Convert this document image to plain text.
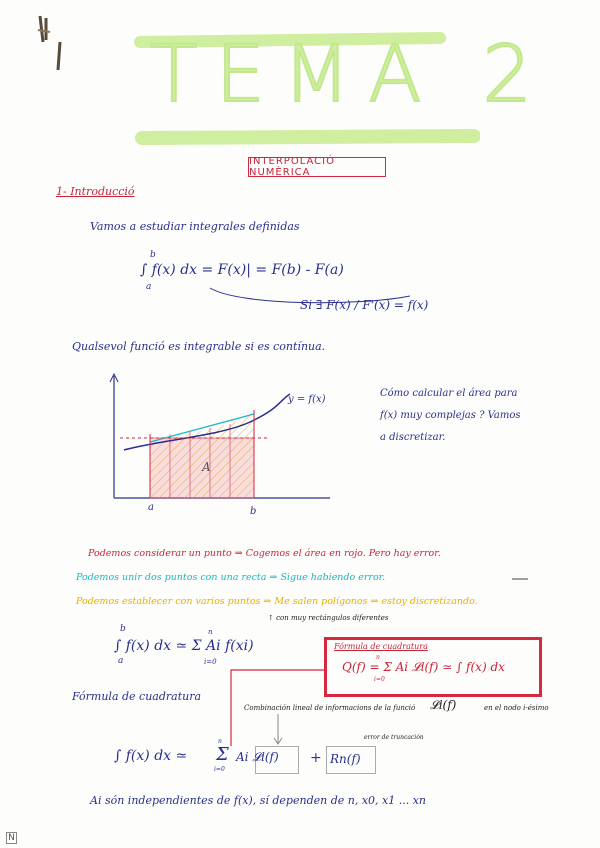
TEMA 2
INTERPOLACIÓ NUMÈRICA
1- Introducció
Vamos a estudiar integrales definidas
∫ f(x) dx = F(x)| = F(b) - F(a)
a
b
Si ∃ F(x) / F'(x) = f(x)
Qualsevol funció es integrable si es contínua.
y = f(x)
A
a	b
Cómo calcular el área para
f(x) muy complejas ? Vamos
a discretizar.
Podemos considerar un punto ⇒ Cogemos el área en rojo. Pero hay error.
Podemos unir dos puntos con una recta ⇒ Sigue habiendo error.
Podemos establecer con varios puntos ⇒ Me salen polígonos ⇒ estoy discretizando.
↑ con muy rectángulos diferentes
∫ f(x) dx ≃ Σ Ai f(xi)
a
b
i=0
n
Fórmula de cuadratura
Q(f) = Σ Ai 𝓛i(f) ≃ ∫ f(x) dx
i=0
n
Fórmula de cuadratura
Combinación lineal de informacions de la funció 𝓛i(f)	en el nodo i-ésimo
error de truncación
∫ f(x) dx ≃ Σ
i=0
n
Ai 𝓛i(f) + Rn(f)
Ai són independientes de f(x), sí dependen de n, x0, x1 ... xn
N
